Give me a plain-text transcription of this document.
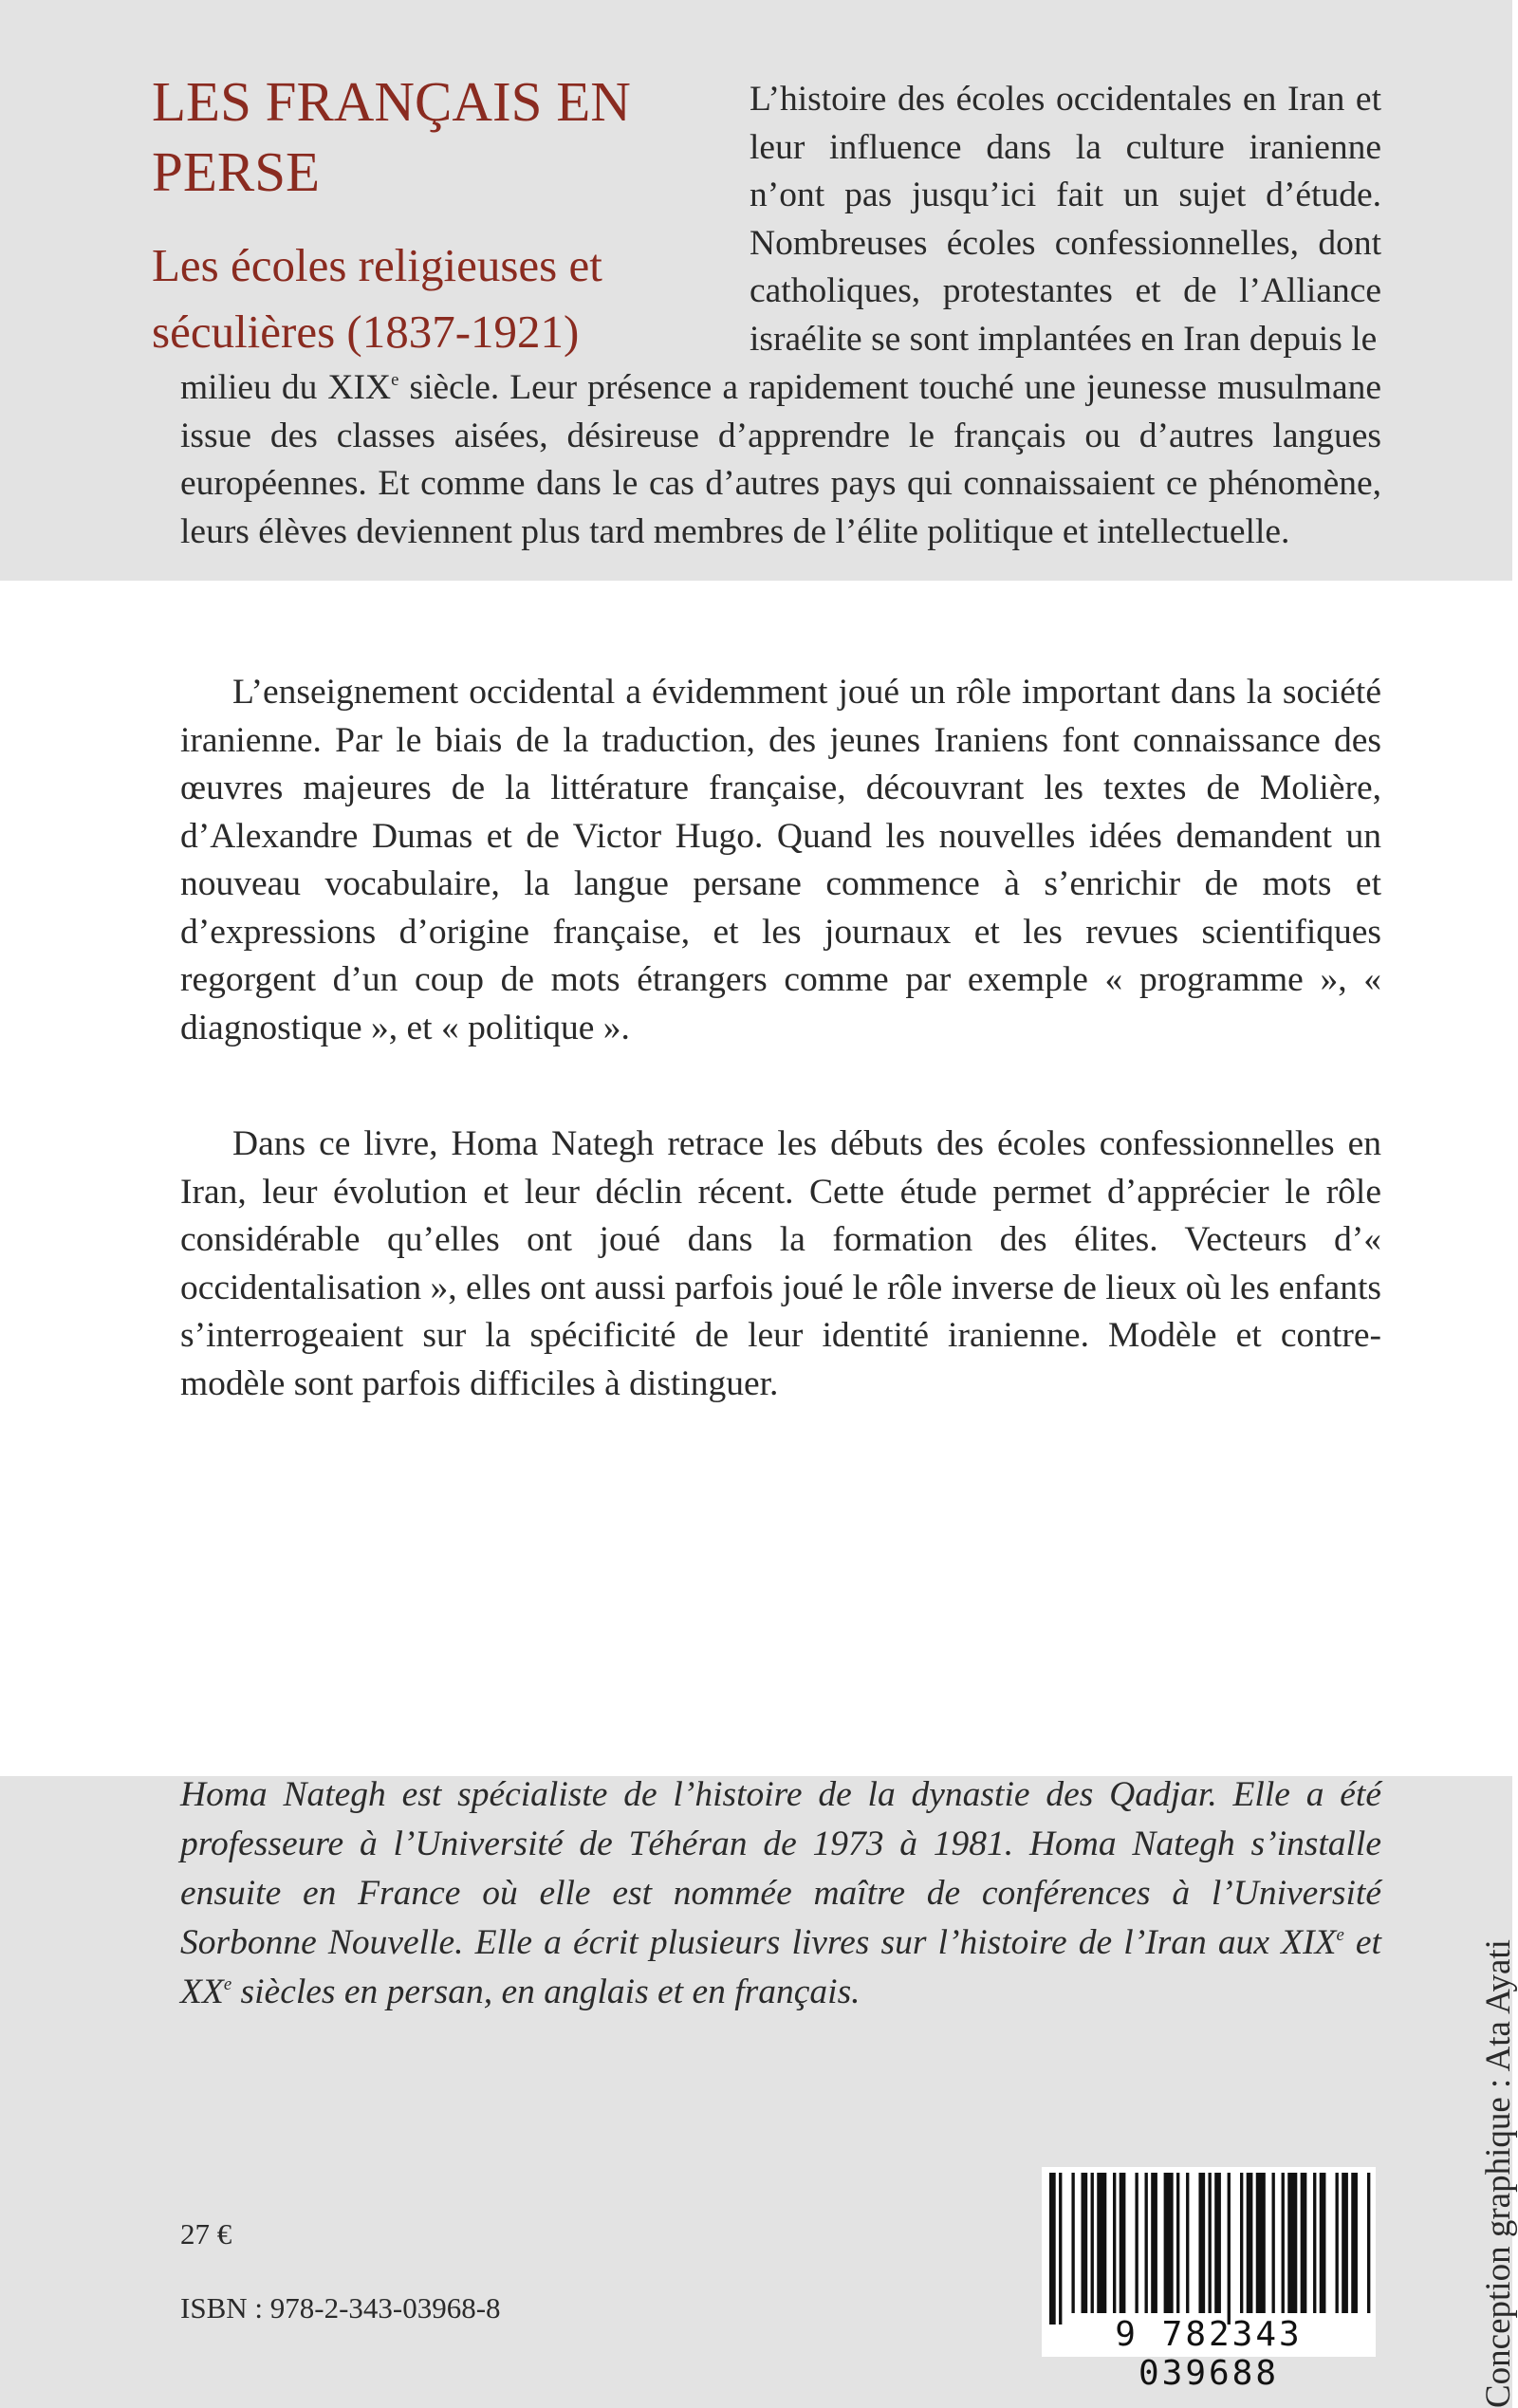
LES FRANÇAIS EN PERSE
Les écoles religieuses et séculières (1837-1921)

L’histoire des écoles occidentales en Iran et leur influence dans la culture iranienne n’ont pas jusqu’ici fait un sujet d’étude. Nombreuses écoles confessionnelles, dont catholiques, protestantes et de l’Alliance israélite se sont implantées en Iran depuis le

milieu du XIXe siècle. Leur présence a rapidement touché une jeunesse musulmane issue des classes aisées, désireuse d’apprendre le français ou d’autres langues européennes. Et comme dans le cas d’autres pays qui connaissaient ce phénomène, leurs élèves deviennent plus tard membres de l’élite politique et intellectuelle.

L’enseignement occidental a évidemment joué un rôle important dans la société iranienne. Par le biais de la traduction, des jeunes Iraniens font connaissance des œuvres majeures de la littérature française, découvrant les textes de Molière, d’Alexandre Dumas et de Victor Hugo. Quand les nouvelles idées demandent un nouveau vocabulaire, la langue persane commence à s’enrichir de mots et d’expressions d’origine française, et les journaux et les revues scientifiques regorgent d’un coup de mots étrangers comme par exemple « programme », « diagnostique », et « politique ».

Dans ce livre, Homa Nategh retrace les débuts des écoles confessionnelles en Iran, leur évolution et leur déclin récent. Cette étude permet d’apprécier le rôle considérable qu’elles ont joué dans la formation des élites. Vecteurs d’« occidentalisation », elles ont aussi parfois joué le rôle inverse de lieux où les enfants s’interrogeaient sur la spécificité de leur identité iranienne. Modèle et contre-modèle sont parfois difficiles à distinguer.

Homa Nategh est spécialiste de l’histoire de la dynastie des Qadjar. Elle a été professeure à l’Université de Téhéran de 1973 à 1981. Homa Nategh s’installe ensuite en France où elle est nommée maître de conférences à l’Université Sorbonne Nouvelle. Elle a écrit plusieurs livres sur l’histoire de l’Iran aux XIXe et XXe siècles en persan, en anglais et en français.

27 €

ISBN : 978-2-343-03968-8

9 782343 039688	Conception graphique : Ata Ayati
